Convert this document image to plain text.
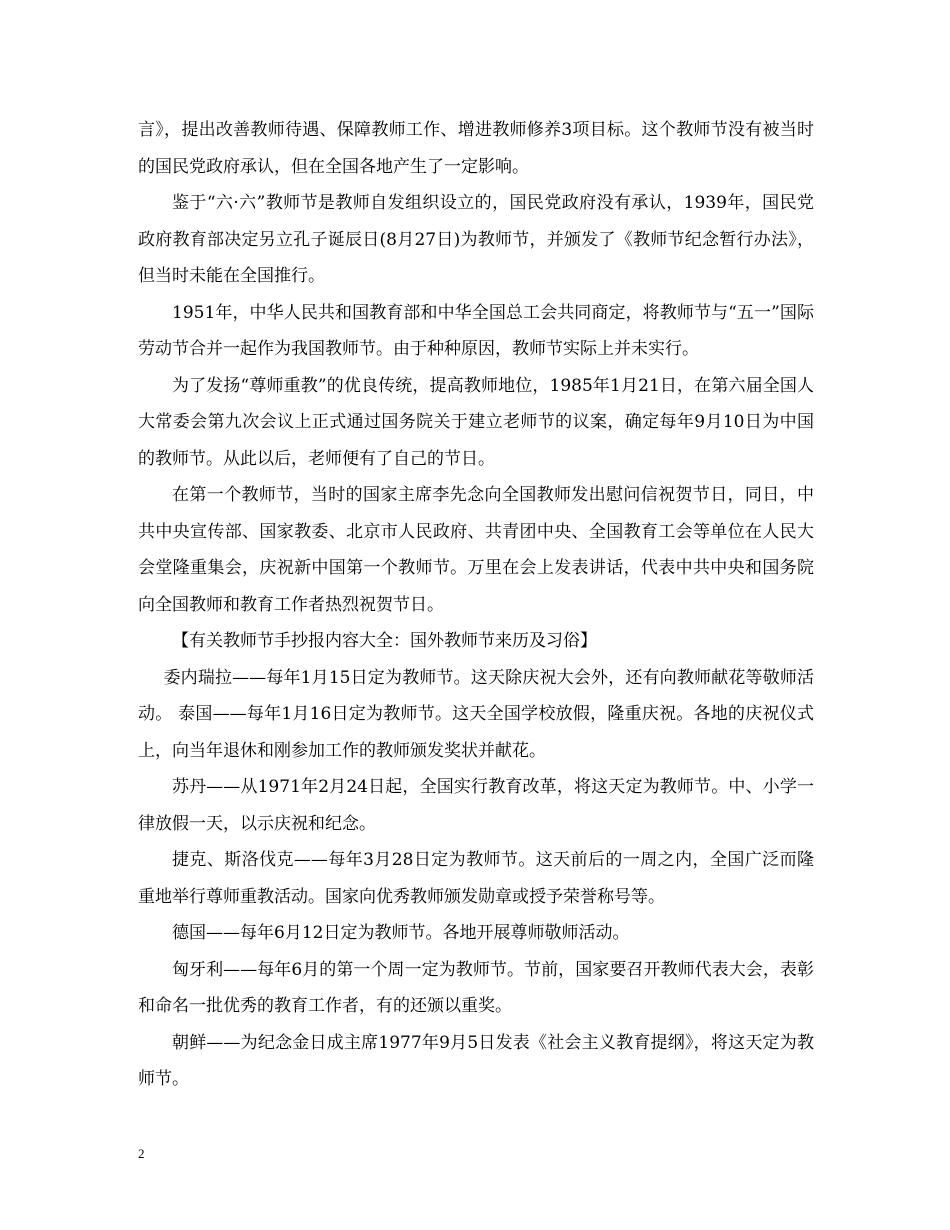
言》，提出改善教师待遇、保障教师工作、增进教师修养3项目标。这个教师节没有被当时的国民党政府承认，但在全国各地产生了一定影响。

鉴于“六·六”教师节是教师自发组织设立的，国民党政府没有承认，1939年，国民党政府教育部决定另立孔子诞辰日(8月27日)为教师节，并颁发了《教师节纪念暂行办法》，但当时未能在全国推行。

1951年，中华人民共和国教育部和中华全国总工会共同商定，将教师节与“五一”国际劳动节合并一起作为我国教师节。由于种种原因，教师节实际上并未实行。

为了发扬“尊师重教”的优良传统，提高教师地位，1985年1月21日，在第六届全国人大常委会第九次会议上正式通过国务院关于建立老师节的议案，确定每年9月10日为中国的教师节。从此以后，老师便有了自己的节日。

在第一个教师节，当时的国家主席李先念向全国教师发出慰问信祝贺节日，同日，中共中央宣传部、国家教委、北京市人民政府、共青团中央、全国教育工会等单位在人民大会堂隆重集会，庆祝新中国第一个教师节。万里在会上发表讲话，代表中共中央和国务院向全国教师和教育工作者热烈祝贺节日。

【有关教师节手抄报内容大全：国外教师节来历及习俗】

委内瑞拉——每年1月15日定为教师节。这天除庆祝大会外，还有向教师献花等敬师活动。 泰国——每年1月16日定为教师节。这天全国学校放假，隆重庆祝。各地的庆祝仪式上，向当年退休和刚参加工作的教师颁发奖状并献花。

苏丹——从1971年2月24日起，全国实行教育改革，将这天定为教师节。中、小学一律放假一天，以示庆祝和纪念。

捷克、斯洛伐克——每年3月28日定为教师节。这天前后的一周之内，全国广泛而隆重地举行尊师重教活动。国家向优秀教师颁发勋章或授予荣誉称号等。

德国——每年6月12日定为教师节。各地开展尊师敬师活动。

匈牙利——每年6月的第一个周一定为教师节。节前，国家要召开教师代表大会，表彰和命名一批优秀的教育工作者，有的还颁以重奖。

朝鲜——为纪念金日成主席1977年9月5日发表《社会主义教育提纲》，将这天定为教师节。

2
